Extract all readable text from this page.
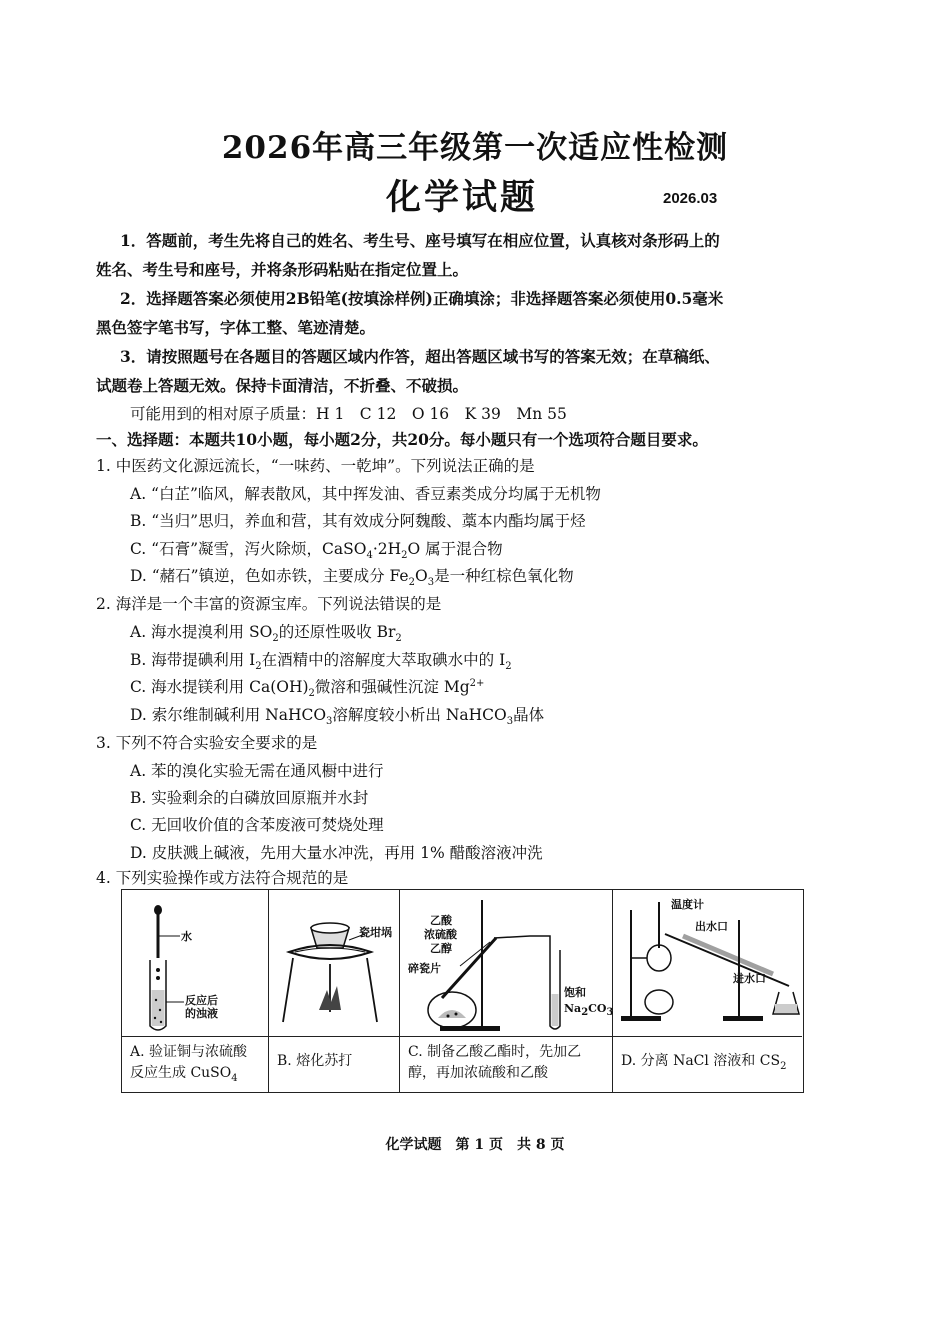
2026年高三年级第一次适应性检测
化学试题	2026.03
1．答题前，考生先将自己的姓名、考生号、座号填写在相应位置，认真核对条形码上的
姓名、考生号和座号，并将条形码粘贴在指定位置上。
2．选择题答案必须使用2B铅笔(按填涂样例)正确填涂；非选择题答案必须使用0.5毫米
黑色签字笔书写，字体工整、笔迹清楚。
3．请按照题号在各题目的答题区域内作答，超出答题区域书写的答案无效；在草稿纸、
试题卷上答题无效。保持卡面清洁，不折叠、不破损。
可能用到的相对原子质量：H 1　C 12　O 16　K 39　Mn 55
一、选择题：本题共10小题，每小题2分，共20分。每小题只有一个选项符合题目要求。
1. 中医药文化源远流长，“一味药、一乾坤”。下列说法正确的是
A. “白芷”临风，解表散风，其中挥发油、香豆素类成分均属于无机物
B. “当归”思归，养血和营，其有效成分阿魏酸、藁本内酯均属于烃
C. “石膏”凝雪，泻火除烦，$CaSO_4\cdot 2H_2O$ 属于混合物
D. “赭石”镇逆，色如赤铁，主要成分 $Fe_2O_3$是一种红棕色氧化物
2. 海洋是一个丰富的资源宝库。下列说法错误的是
A. 海水提溴利用 $SO_2$的还原性吸收 $Br_2$
B. 海带提碘利用 $I_2$在酒精中的溶解度大萃取碘水中的 $I_2$
C. 海水提镁利用 $Ca(OH)_2$微溶和强碱性沉淀 $Mg^{2+}$
D. 索尔维制碱利用 NaHCO$_3$溶解度较小析出 NaHCO$_3$晶体
3. 下列不符合实验安全要求的是
A. 苯的溴化实验无需在通风橱中进行
B. 实验剩余的白磷放回原瓶并水封
C. 无回收价值的含苯废液可焚烧处理
D. 皮肤溅上碱液，先用大量水冲洗，再用 1% 醋酸溶液冲洗
4. 下列实验操作或方法符合规范的是
水
反应后
的浊液
A. 验证铜与浓硫酸
反应生成 CuSO$_4$
瓷坩埚
B. 熔化苏打
乙酸
浓硫酸
乙醇
碎瓷片
饱和
$Na_2CO_3$
C. 制备乙酸乙酯时，先加乙
醇，再加浓硫酸和乙酸
温度计
出水口
进水口
D. 分离 NaCl 溶液和 $CS_2$
化学试题　第 1 页　共 8 页
